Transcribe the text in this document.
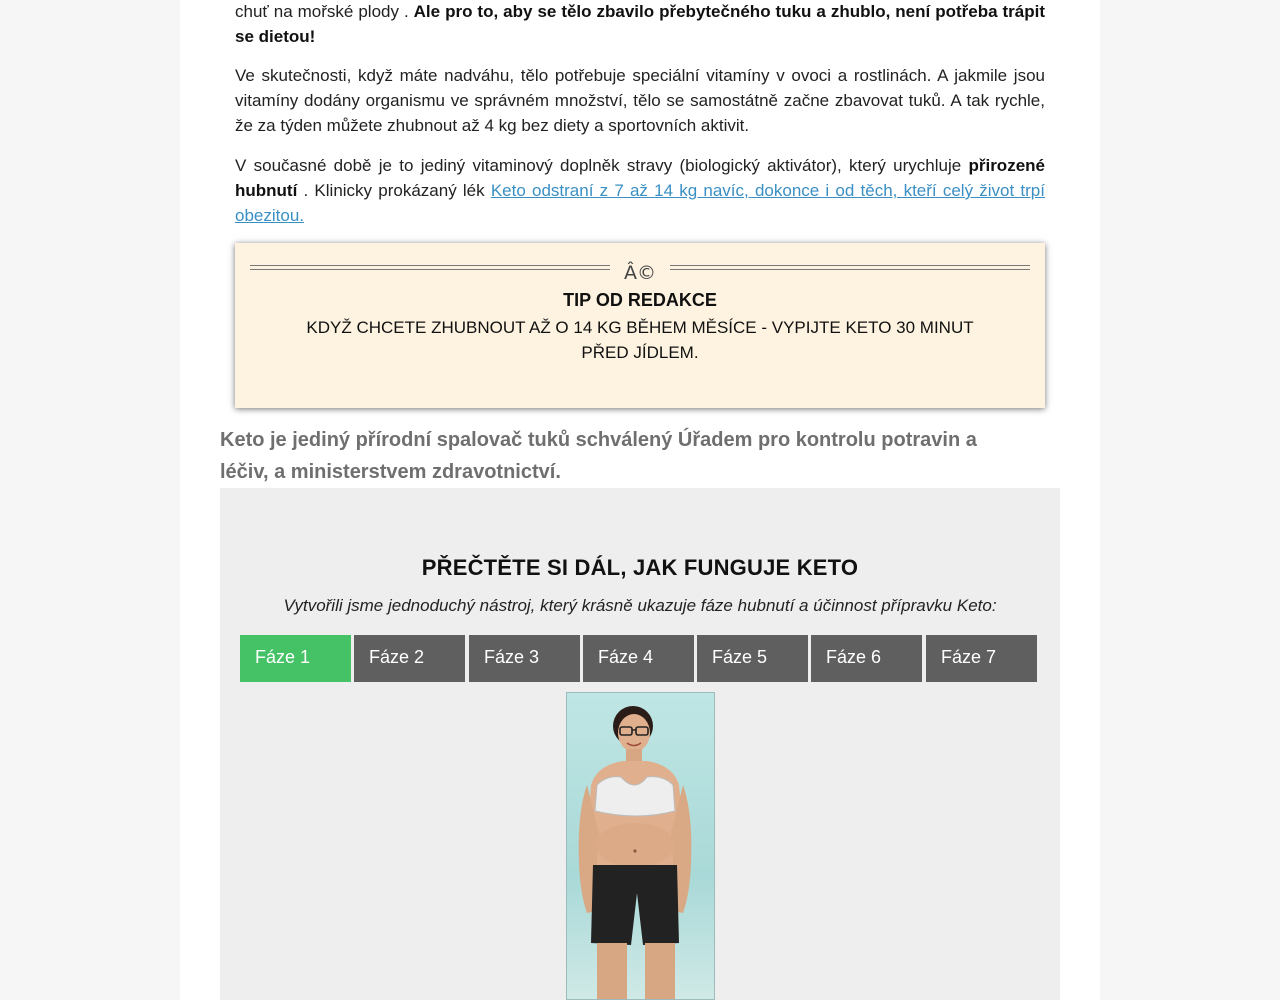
chuť na mořské plody . Ale pro to, aby se tělo zbavilo přebytečného tuku a zhublo, není potřeba trápit se dietou!

Ve skutečnosti, když máte nadváhu, tělo potřebuje speciální vitamíny v ovoci a rostlinách. A jakmile jsou vitamíny dodány organismu ve správném množství, tělo se samostátně začne zbavovat tuků. A tak rychle, že za týden můžete zhubnout až 4 kg bez diety a sportovních aktivit.

V současné době je to jediný vitaminový doplněk stravy (biologický aktivátor), který urychluje přirozené hubnutí . Klinicky prokázaný lék Keto odstraní z 7 až 14 kg navíc, dokonce i od těch, kteří celý život trpí obezitou.

Â©
TIP OD REDAKCE
KDYŽ CHCETE ZHUBNOUT AŽ O 14 KG BĚHEM MĚSÍCE - VYPIJTE KETO 30 MINUT PŘED JÍDLEM.
Keto je jediný přírodní spalovač tuků schválený Úřadem pro kontrolu potravin a léčiv, a ministerstvem zdravotnictví.
PŘEČTĚTE SI DÁL, JAK FUNGUJE KETO
Vytvořili jsme jednoduchý nástroj, který krásně ukazuje fáze hubnutí a účinnost přípravku Keto:
Fáze 1	Fáze 2	Fáze 3	Fáze 4	Fáze 5	Fáze 6	Fáze 7
